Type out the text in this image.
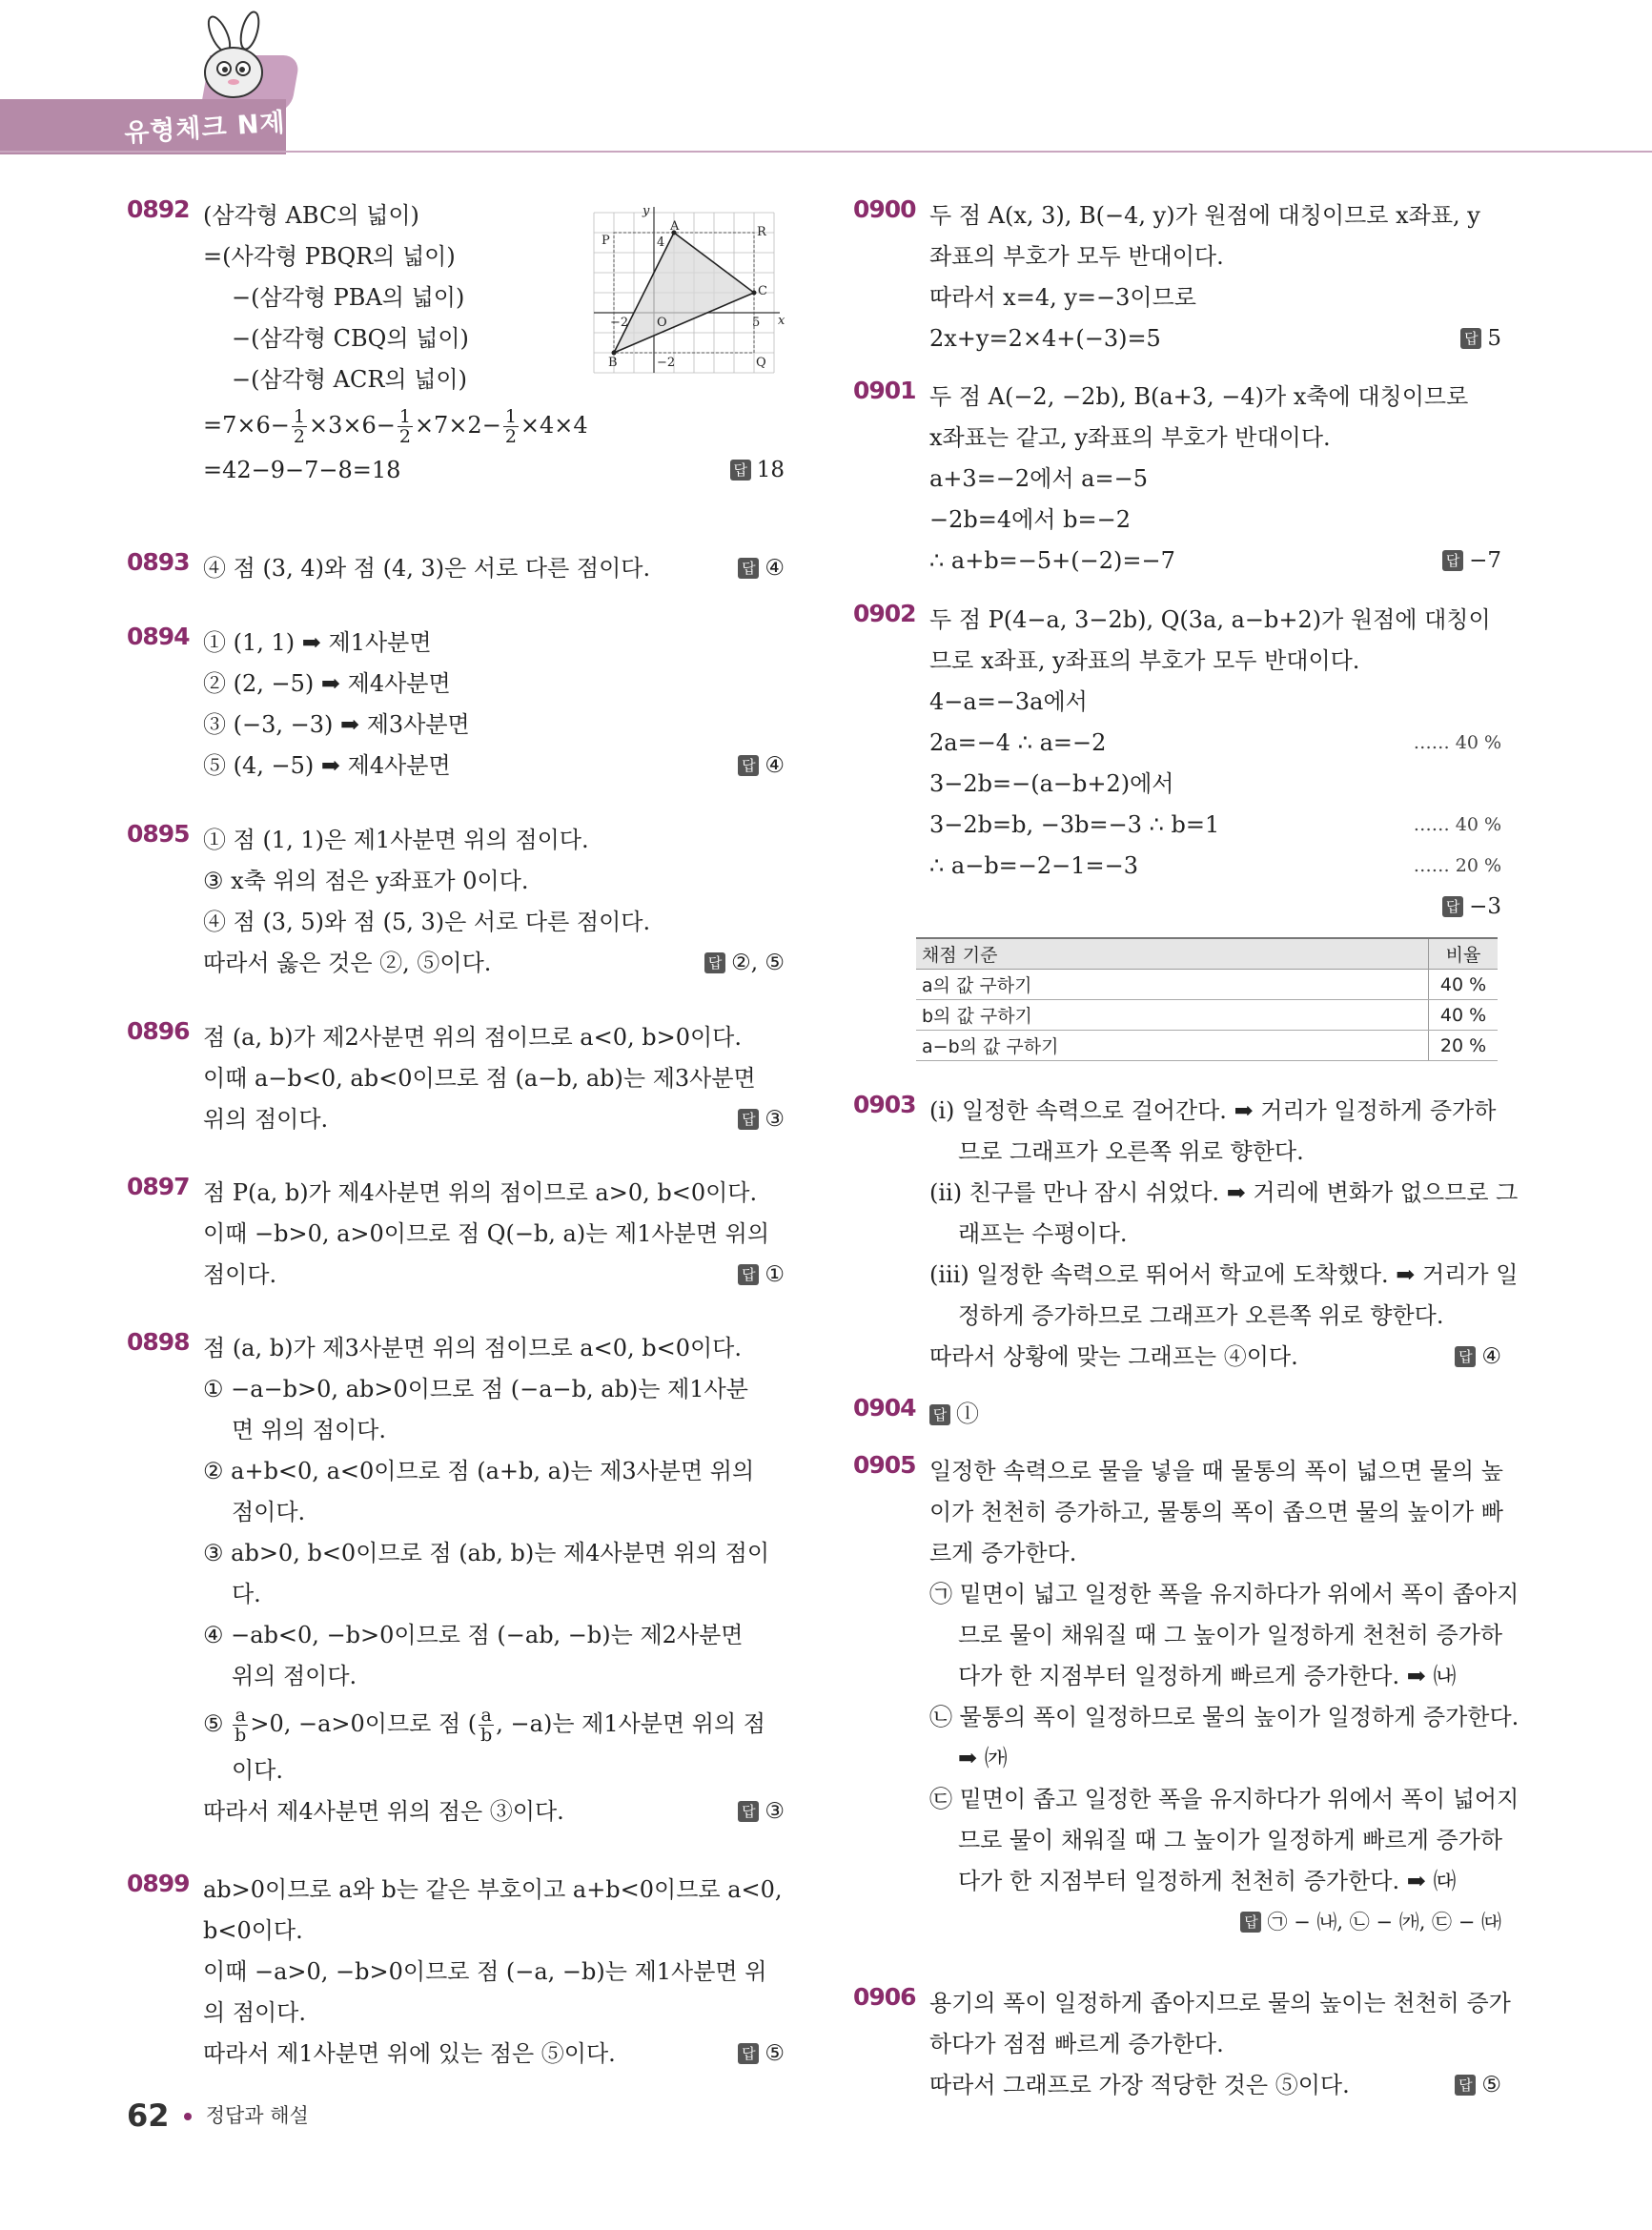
유형체크 N제
0892 (삼각형 ABC의 넓이)
=(사각형 PBQR의 넓이)
−(삼각형 PBA의 넓이)
−(삼각형 CBQ의 넓이)
−(삼각형 ACR의 넓이)
$=7\times 6- \frac{1}{2} \times 3\times 6- \frac{1}{2} \times 7\times 2- \frac{1}{2} \times 4\times 4$
=42−9−7−8=18	답 18
y
x
P
A	R
4
C
−2 O	5
B	−2	Q
0893 ④ 점 (3, 4)와 점 (4, 3)은 서로 다른 점이다.	답 ④
0894 ① (1, 1) ➡ 제1사분면
② (2, −5) ➡ 제4사분면
③ (−3, −3) ➡ 제3사분면
⑤ (4, −5) ➡ 제4사분면	답 ④
0895 ① 점 (1, 1)은 제1사분면 위의 점이다.
③ x축 위의 점은 y좌표가 0이다.
④ 점 (3, 5)와 점 (5, 3)은 서로 다른 점이다.
따라서 옳은 것은 ②, ⑤이다.	답 ②, ⑤
0896 점 (a, b)가 제2사분면 위의 점이므로 a<0, b>0이다.
이때 a−b<0, ab<0이므로 점 (a−b, ab)는 제3사분면
위의 점이다.	답 ③
0897 점 P(a, b)가 제4사분면 위의 점이므로 a>0, b<0이다.
이때 −b>0, a>0이므로 점 Q(−b, a)는 제1사분면 위의
점이다.	답 ①
0898 점 (a, b)가 제3사분면 위의 점이므로 a<0, b<0이다.
① −a−b>0, ab>0이므로 점 (−a−b, ab)는 제1사분
면 위의 점이다.
② a+b<0, a<0이므로 점 (a+b, a)는 제3사분면 위의
점이다.
③ ab>0, b<0이므로 점 (ab, b)는 제4사분면 위의 점이
다.
④ −ab<0, −b>0이므로 점 (−ab, −b)는 제2사분면
위의 점이다.
⑤ $\frac{a}{b} >0$, −a>0이므로 점 ( $\frac{a}{b}$ , −a)는 제1사분면 위의 점
이다.
따라서 제4사분면 위의 점은 ③이다.	답 ③
0899 ab>0이므로 a와 b는 같은 부호이고 a+b<0이므로 a<0,
b<0이다.
이때 −a>0, −b>0이므로 점 (−a, −b)는 제1사분면 위
의 점이다.
따라서 제1사분면 위에 있는 점은 ⑤이다.	답 ⑤
0900 두 점 A(x, 3), B(−4, y)가 원점에 대칭이므로 x좌표, y
좌표의 부호가 모두 반대이다.
따라서 x=4, y=−3이므로
2x+y=2×4+(−3)=5	답 5
0901 두 점 A(−2, −2b), B(a+3, −4)가 x축에 대칭이므로
x좌표는 같고, y좌표의 부호가 반대이다.
a+3=−2에서 a=−5
−2b=4에서 b=−2
∴ a+b=−5+(−2)=−7	답 −7
0902 두 점 P(4−a, 3−2b), Q(3a, a−b+2)가 원점에 대칭이
므로 x좌표, y좌표의 부호가 모두 반대이다.
4−a=−3a에서
2a=−4 ∴ a=−2	…… 40 %
3−2b=−(a−b+2)에서
3−2b=b, −3b=−3 ∴ b=1	…… 40 %
∴ a−b=−2−1=−3	…… 20 %
답 −3
채점 기준	비율
a의 값 구하기	40 %
b의 값 구하기	40 %
a−b의 값 구하기	20 %
0903 (i) 일정한 속력으로 걸어간다. ➡ 거리가 일정하게 증가하
므로 그래프가 오른쪽 위로 향한다.
(ii) 친구를 만나 잠시 쉬었다. ➡ 거리에 변화가 없으므로 그
래프는 수평이다.
(iii) 일정한 속력으로 뛰어서 학교에 도착했다. ➡ 거리가 일
정하게 증가하므로 그래프가 오른쪽 위로 향한다.
따라서 상황에 맞는 그래프는 ④이다.	답 ④
0904 답 ⓛ
0905 일정한 속력으로 물을 넣을 때 물통의 폭이 넓으면 물의 높
이가 천천히 증가하고, 물통의 폭이 좁으면 물의 높이가 빠
르게 증가한다.
㉠ 밑면이 넓고 일정한 폭을 유지하다가 위에서 폭이 좁아지
므로 물이 채워질 때 그 높이가 일정하게 천천히 증가하
다가 한 지점부터 일정하게 빠르게 증가한다. ➡ ㈏
㉡ 물통의 폭이 일정하므로 물의 높이가 일정하게 증가한다.
➡ ㈎
㉢ 밑면이 좁고 일정한 폭을 유지하다가 위에서 폭이 넓어지
므로 물이 채워질 때 그 높이가 일정하게 빠르게 증가하
다가 한 지점부터 일정하게 천천히 증가한다. ➡ ㈐
답 ㉠ − ㈏, ㉡ − ㈎, ㉢ − ㈐
0906 용기의 폭이 일정하게 좁아지므로 물의 높이는 천천히 증가
하다가 점점 빠르게 증가한다.
따라서 그래프로 가장 적당한 것은 ⑤이다.	답 ⑤
62 정답과 해설
